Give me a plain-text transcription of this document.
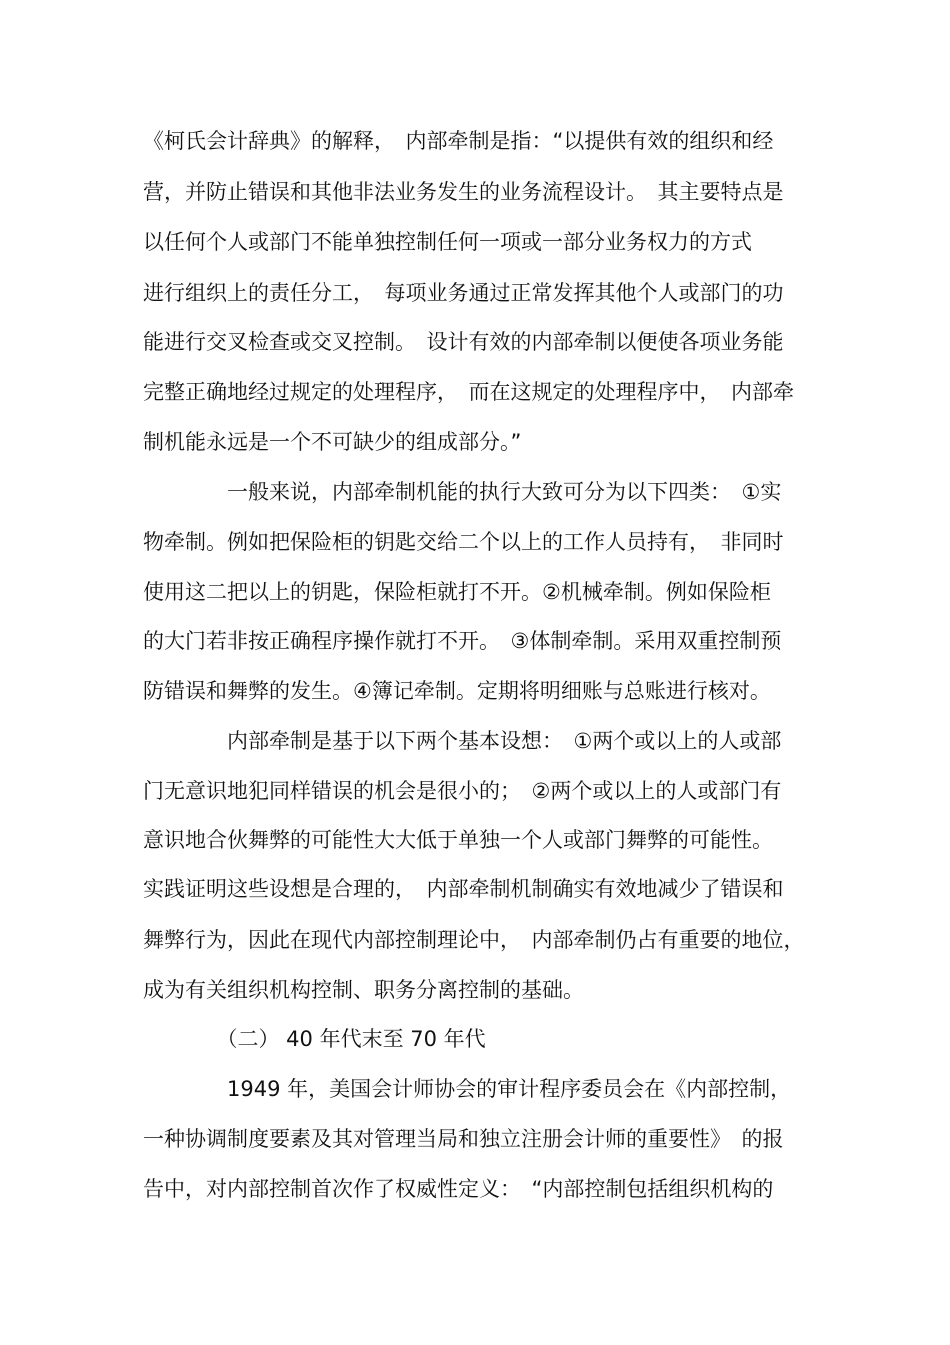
《柯氏会计辞典》的解释，　内部牵制是指：“以提供有效的组织和经
营，并防止错误和其他非法业务发生的业务流程设计。　其主要特点是
以任何个人或部门不能单独控制任何一项或一部分业务权力的方式
进行组织上的责任分工，　每项业务通过正常发挥其他个人或部门的功
能进行交叉检查或交叉控制。　设计有效的内部牵制以便使各项业务能
完整正确地经过规定的处理程序，　而在这规定的处理程序中，　内部牵
制机能永远是一个不可缺少的组成部分。”
　　　　一般来说，内部牵制机能的执行大致可分为以下四类：　①实
物牵制。例如把保险柜的钥匙交给二个以上的工作人员持有，　非同时
使用这二把以上的钥匙，保险柜就打不开。②机械牵制。例如保险柜
的大门若非按正确程序操作就打不开。　③体制牵制。采用双重控制预
防错误和舞弊的发生。④簿记牵制。定期将明细账与总账进行核对。
　　　　内部牵制是基于以下两个基本设想：　①两个或以上的人或部
门无意识地犯同样错误的机会是很小的；　②两个或以上的人或部门有
意识地合伙舞弊的可能性大大低于单独一个人或部门舞弊的可能性。
实践证明这些设想是合理的，　内部牵制机制确实有效地减少了错误和
舞弊行为，因此在现代内部控制理论中，　内部牵制仍占有重要的地位，
成为有关组织机构控制、职务分离控制的基础。
　　　　（二） 40 年代末至 70 年代
　　　　1949 年，美国会计师协会的审计程序委员会在《内部控制，
一种协调制度要素及其对管理当局和独立注册会计师的重要性》　的报
告中，对内部控制首次作了权威性定义：　“内部控制包括组织机构的
